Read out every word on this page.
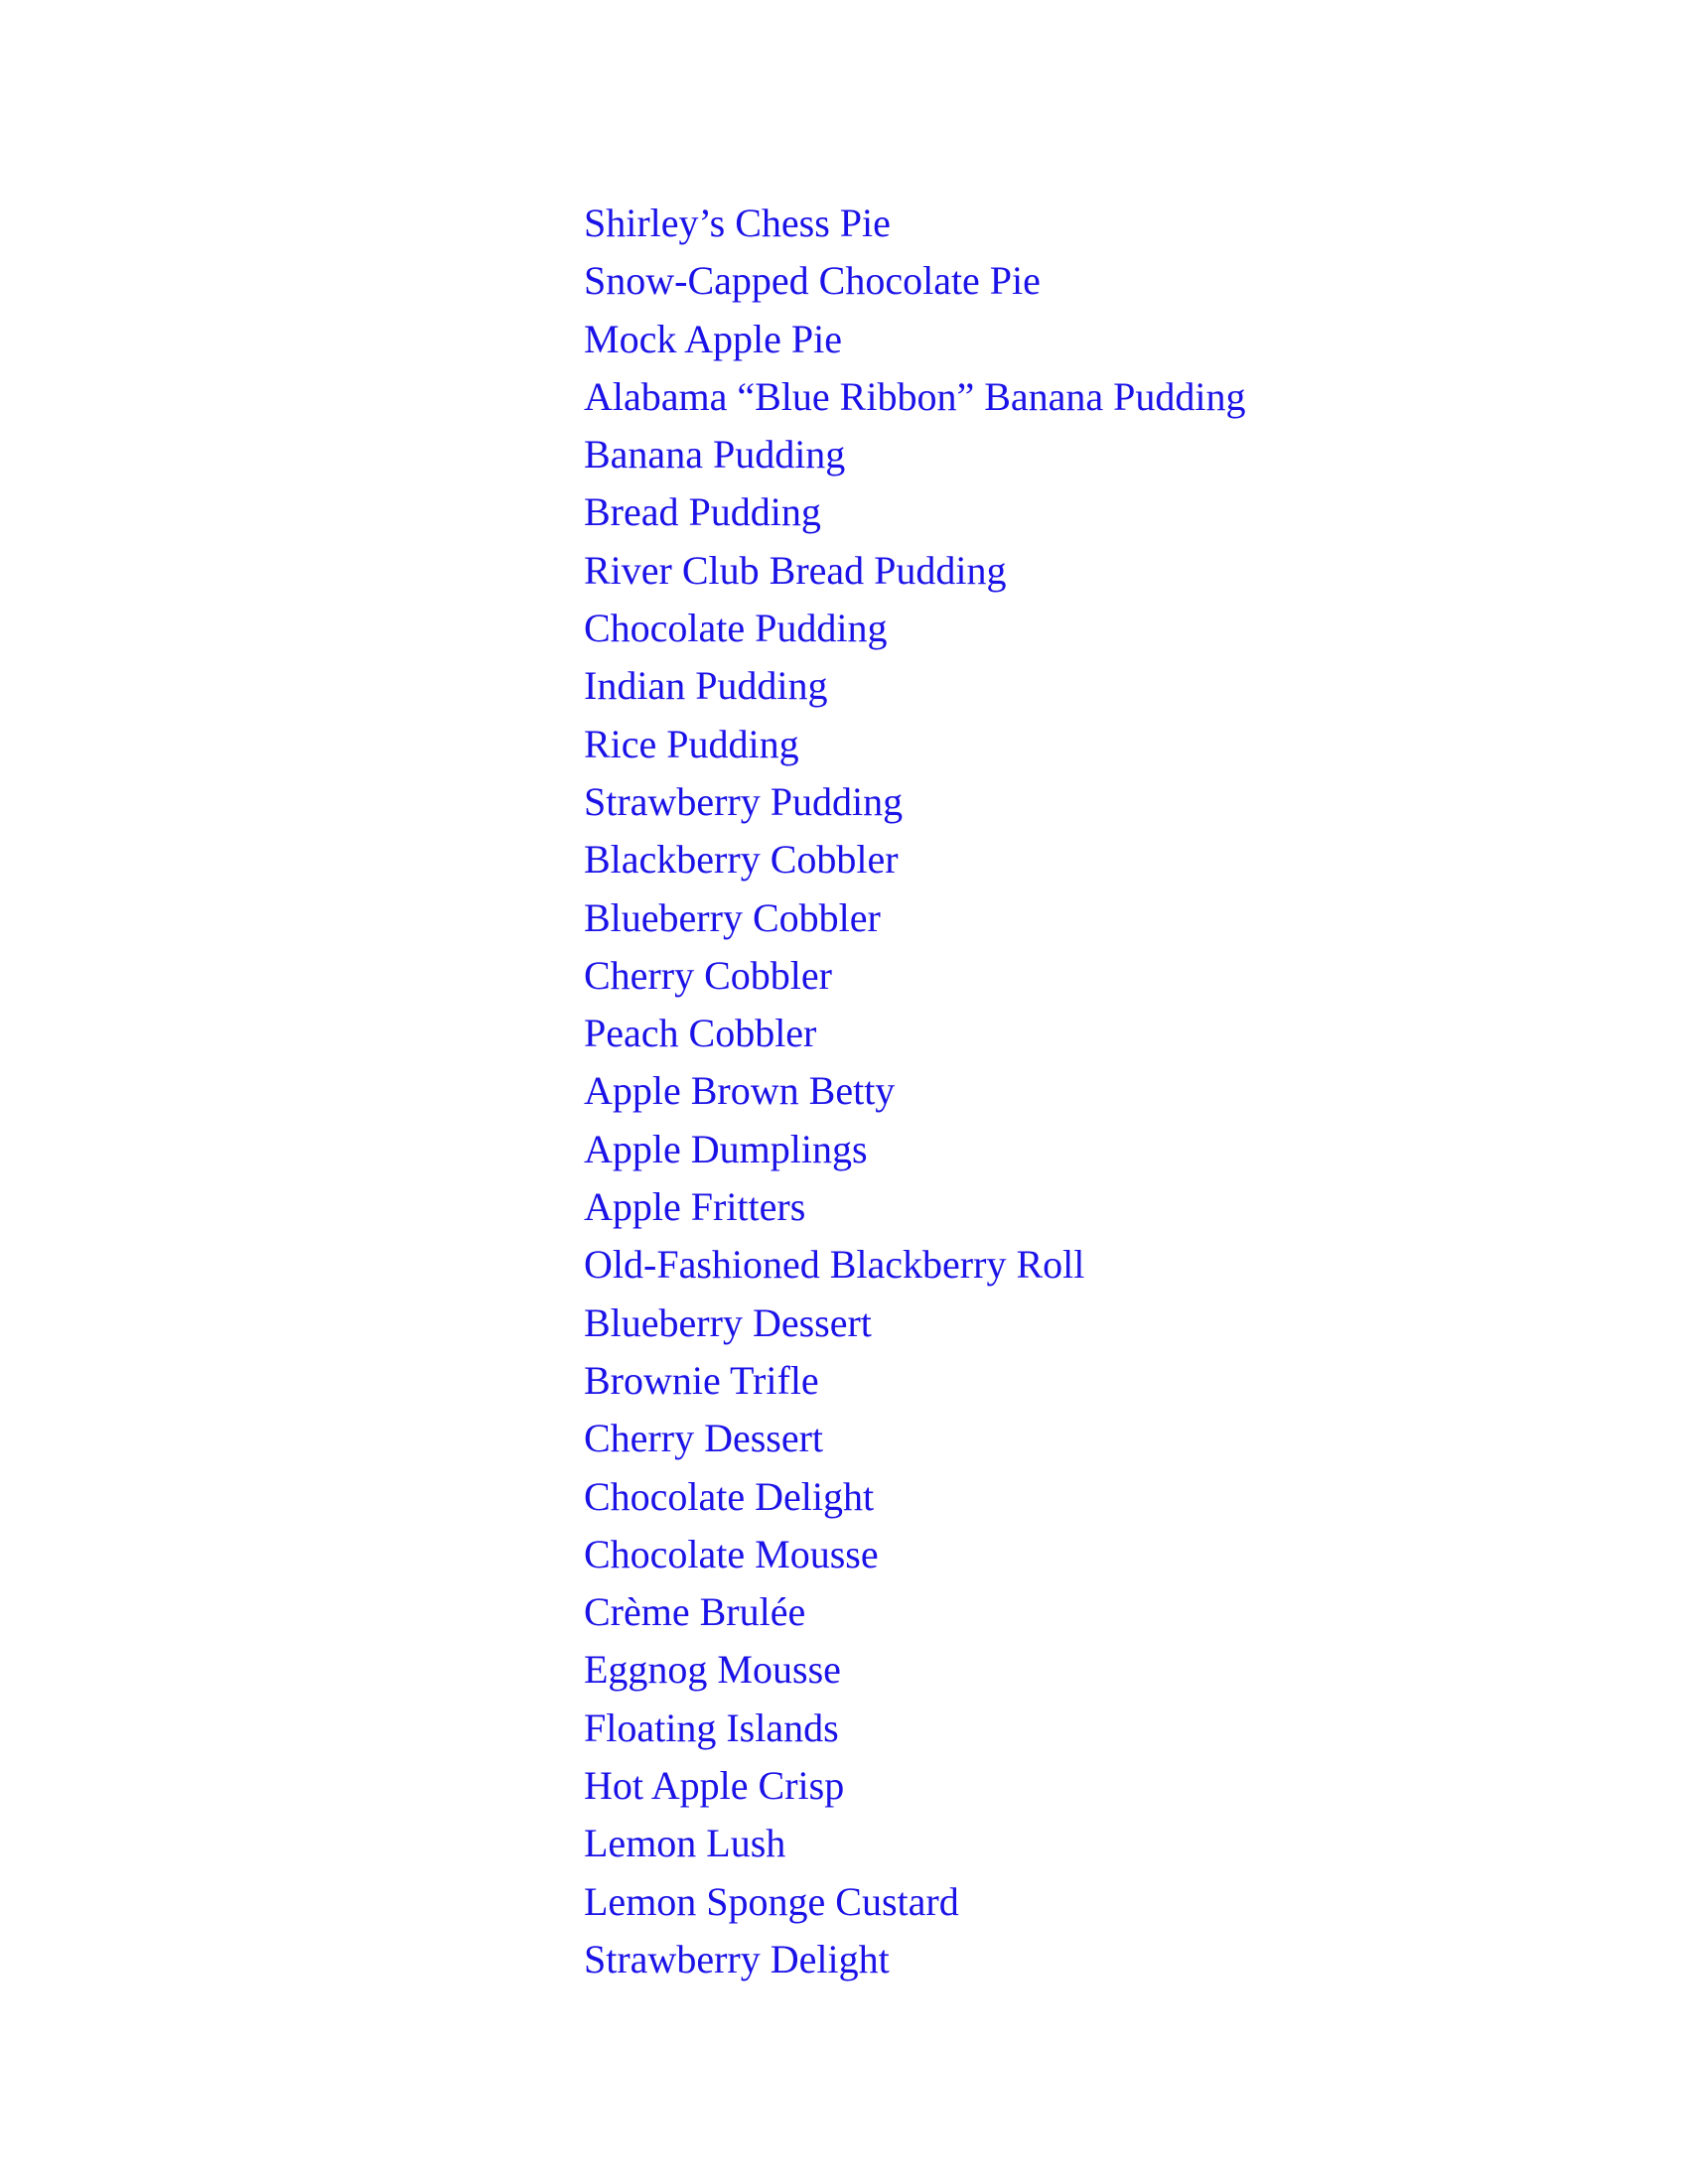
Shirley’s Chess Pie
Snow-Capped Chocolate Pie
Mock Apple Pie
Alabama “Blue Ribbon” Banana Pudding
Banana Pudding
Bread Pudding
River Club Bread Pudding
Chocolate Pudding
Indian Pudding
Rice Pudding
Strawberry Pudding
Blackberry Cobbler
Blueberry Cobbler
Cherry Cobbler
Peach Cobbler
Apple Brown Betty
Apple Dumplings
Apple Fritters
Old-Fashioned Blackberry Roll
Blueberry Dessert
Brownie Trifle
Cherry Dessert
Chocolate Delight
Chocolate Mousse
Crème Brulée
Eggnog Mousse
Floating Islands
Hot Apple Crisp
Lemon Lush
Lemon Sponge Custard
Strawberry Delight
